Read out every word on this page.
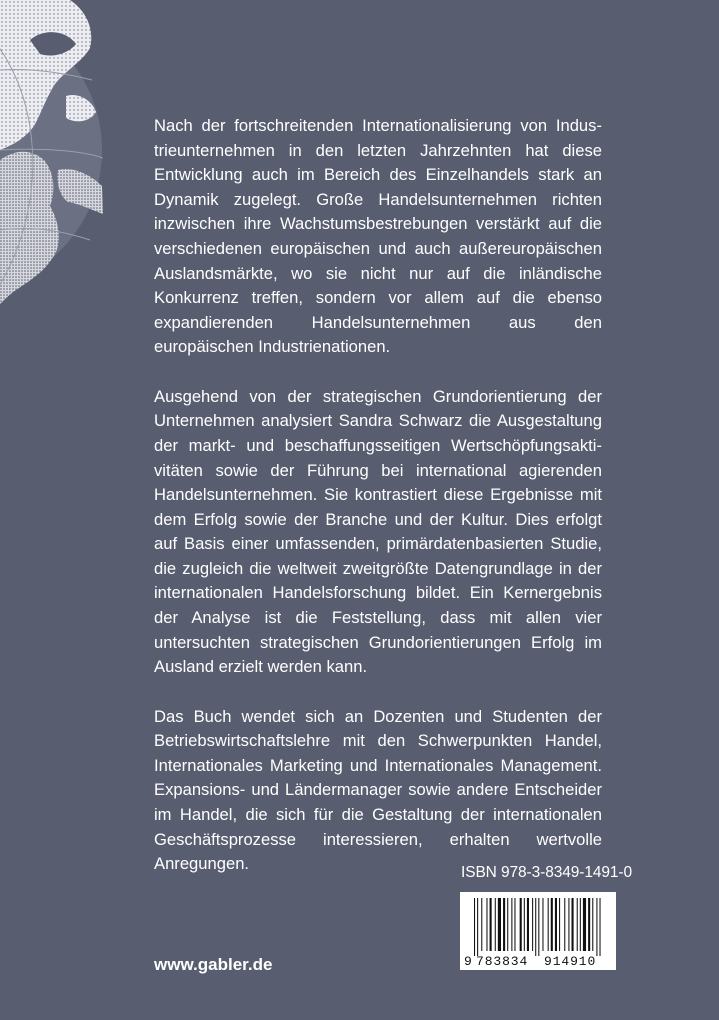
Nach der fortschreitenden Internationalisierung von Industrieunternehmen in den letzten Jahrzehnten hat diese Entwicklung auch im Bereich des Einzelhandels stark an Dynamik zugelegt. Große Handelsunternehmen richten inzwischen ihre Wachstumsbestrebungen verstärkt auf die verschiedenen europäischen und auch außereuropäischen Auslandsmärkte, wo sie nicht nur auf die inländische Konkurrenz treffen, sondern vor allem auf die ebenso expandierenden Handelsunternehmen aus den europäischen Industrienationen.

Ausgehend von der strategischen Grundorientierung der Unternehmen analysiert Sandra Schwarz die Ausgestaltung der markt- und beschaffungsseitigen Wertschöpfungsaktivitäten sowie der Führung bei international agierenden Handelsunternehmen. Sie kontrastiert diese Ergebnisse mit dem Erfolg sowie der Branche und der Kultur. Dies erfolgt auf Basis einer umfassenden, primärdatenbasierten Studie, die zugleich die weltweit zweitgrößte Datengrundlage in der internationalen Handelsforschung bildet. Ein Kernergebnis der Analyse ist die Feststellung, dass mit allen vier untersuchten strategischen Grundorientierungen Erfolg im Ausland erzielt werden kann.

Das Buch wendet sich an Dozenten und Studenten der Betriebswirtschaftslehre mit den Schwerpunkten Handel, Internationales Marketing und Internationales Management. Expansions- und Ländermanager sowie andere Entscheider im Handel, die sich für die Gestaltung der internationalen Geschäftsprozesse interessieren, erhalten wertvolle Anregungen.	ISBN 978-3-8349-1491-0
9 783834 914910
www.gabler.de
